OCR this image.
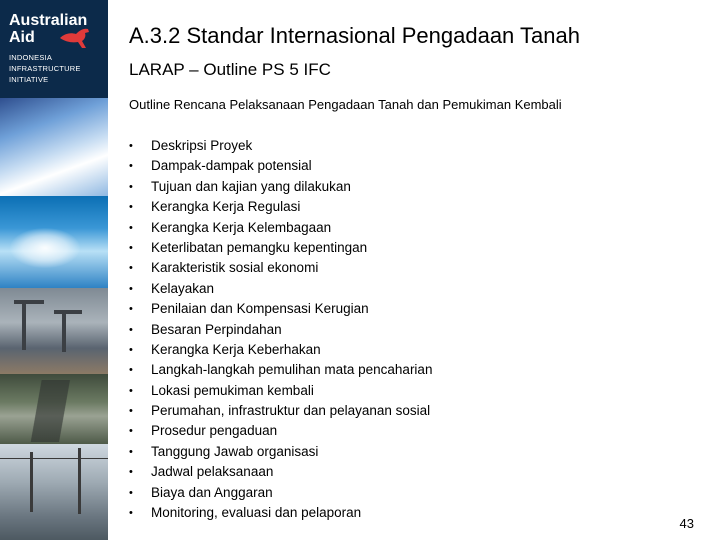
Australian
Aid
INDONESIA
INFRASTRUCTURE
INITIATIVE
A.3.2 Standar Internasional Pengadaan Tanah
LARAP – Outline PS 5 IFC

Outline Rencana Pelaksanaan Pengadaan Tanah dan Pemukiman Kembali

•	Deskripsi Proyek
•	Dampak-dampak potensial
•	Tujuan dan kajian yang dilakukan
•	Kerangka Kerja Regulasi
•	Kerangka Kerja Kelembagaan
•	Keterlibatan pemangku kepentingan
•	Karakteristik sosial ekonomi
•	Kelayakan
•	Penilaian dan Kompensasi Kerugian
•	Besaran Perpindahan
•	Kerangka Kerja Keberhakan
•	Langkah-langkah pemulihan mata pencaharian
•	Lokasi pemukiman kembali
•	Perumahan, infrastruktur dan pelayanan sosial
•	Prosedur pengaduan
•	Tanggung Jawab organisasi
•	Jadwal pelaksanaan
•	Biaya dan Anggaran
•	Monitoring, evaluasi dan pelaporan
43
